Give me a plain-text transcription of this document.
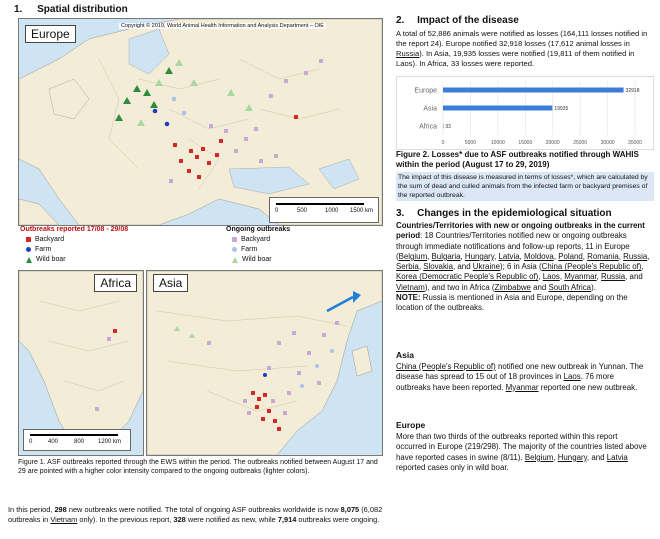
1. Spatial distribution
Europe
Copyright © 2019, World Animal Health Information and Analysis Department – OIE
0	500	1000 1500 km
Outbreaks reported 17/08 - 29/08	Ongoing outbreaks
Backyard
Farm
Wild boar
Backyard
Farm
Wild boar
Africa
0	400	800 1200 km
Asia
Figure 1. ASF outbreaks reported through the EWS within the period. The outbreaks notified between August 17 and 29 are pointed with a higher color intensity compared to the ongoing outbreaks (lighter colors).
In this period, 298 new outbreaks were notified. The total of ongoing ASF outbreaks worldwide is now 8,075 (6,082 outbreaks in Vietnam only). In the previous report, 328 were notified as new, while 7,914 outbreaks were ongoing.
2. Impact of the disease
A total of 52,886 animals were notified as losses (164,111 losses notified in the report 24). Europe notified 32,918 losses (17,612 animal losses in Russia). In Asia, 19,935 losses were notified (19,811 of them notified in Laos). In Africa, 33 losses were reported.
0	5000	10000	15000	20000	25000	30000	35000
Europe	32918
Asia	19935
Africa 33
Figure 2. Losses* due to ASF outbreaks notified through WAHIS within the period (August 17 to 29, 2019)
The impact of this disease is measured in terms of losses*, which are calculated by the sum of dead and culled animals from the infected farm or backyard premises of the reported outbreak.
3. Changes in the epidemiological situation
Countries/Territories with new or ongoing outbreaks in the current period: 18 Countries/Territories notified new or ongoing outbreaks through immediate notifications and follow-up reports, 11 in Europe (Belgium, Bulgaria, Hungary, Latvia, Moldova, Poland, Romania, Russia, Serbia, Slovakia, and Ukraine); 6 in Asia (China (People's Republic of), Korea (Democratic People's Republic of), Laos, Myanmar, Russia, and Vietnam), and two in Africa (Zimbabwe and South Africa).
NOTE: Russia is mentioned in Asia and Europe, depending on the location of the outbreaks.
Asia
China (People's Republic of) notified one new outbreak in Yunnan. The disease has spread to 15 out of 18 provinces in Laos. 76 more outbreaks have been reported. Myanmar reported one new outbreak.
Europe
More than two thirds of the outbreaks reported within this report occurred in Europe (219/298). The majority of the countries listed above have reported cases in swine (8/11). Belgium, Hungary, and Latvia reported cases only in wild boar.
